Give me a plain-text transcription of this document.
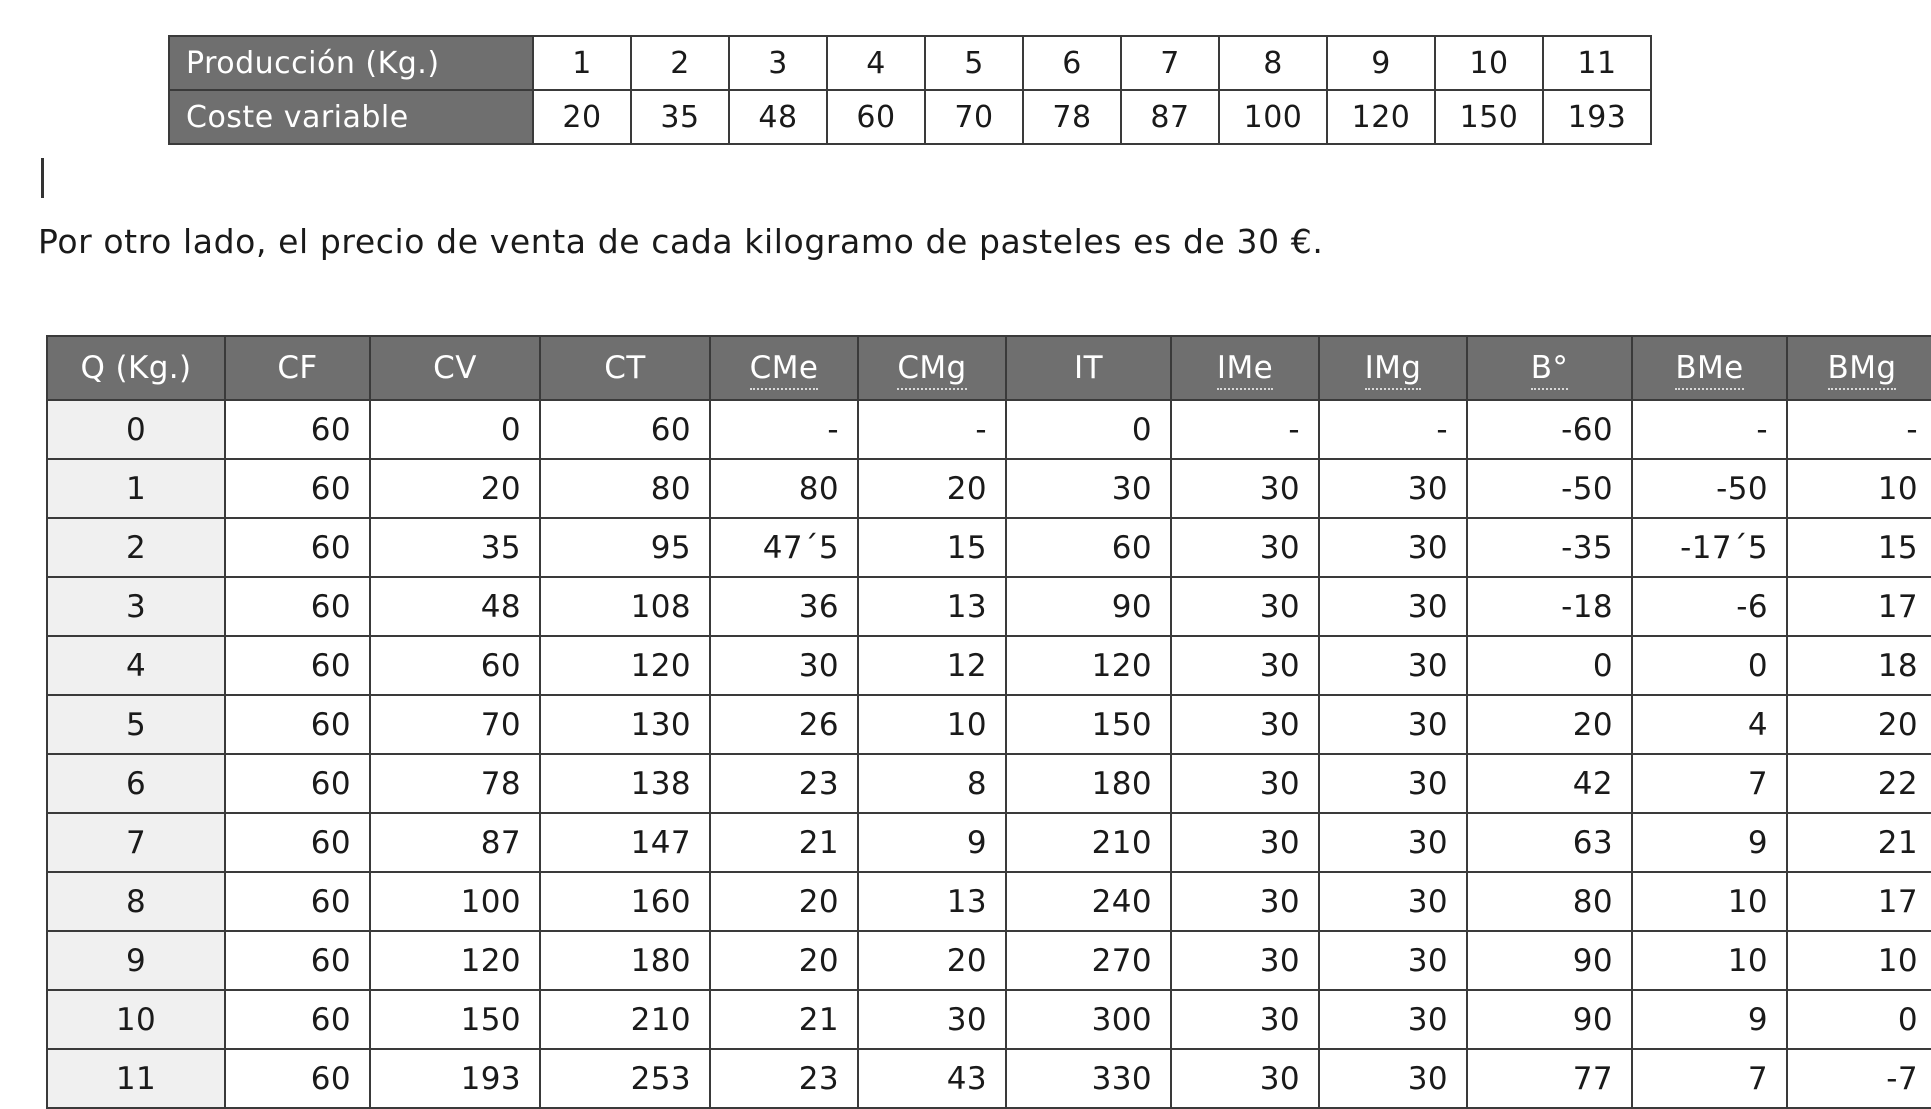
Producción (Kg.)	1	2	3	4	5	6	7	8	9	10	11
Coste variable	20	35	48	60	70	78	87	100	120	150	193
Por otro lado, el precio de venta de cada kilogramo de pasteles es de 30 €.
Q (Kg.)	CF	CV	CT	CMe	CMg	IT	IMe	IMg	B°	BMe	BMg
0	60	0	60	-	-	0	-	-	-60	-	-
1	60	20	80	80	20	30	30	30	-50	-50	10
2	60	35	95	47´5	15	60	30	30	-35	-17´5	15
3	60	48	108	36	13	90	30	30	-18	-6	17
4	60	60	120	30	12	120	30	30	0	0	18
5	60	70	130	26	10	150	30	30	20	4	20
6	60	78	138	23	8	180	30	30	42	7	22
7	60	87	147	21	9	210	30	30	63	9	21
8	60	100	160	20	13	240	30	30	80	10	17
9	60	120	180	20	20	270	30	30	90	10	10
10	60	150	210	21	30	300	30	30	90	9	0
11	60	193	253	23	43	330	30	30	77	7	-7
